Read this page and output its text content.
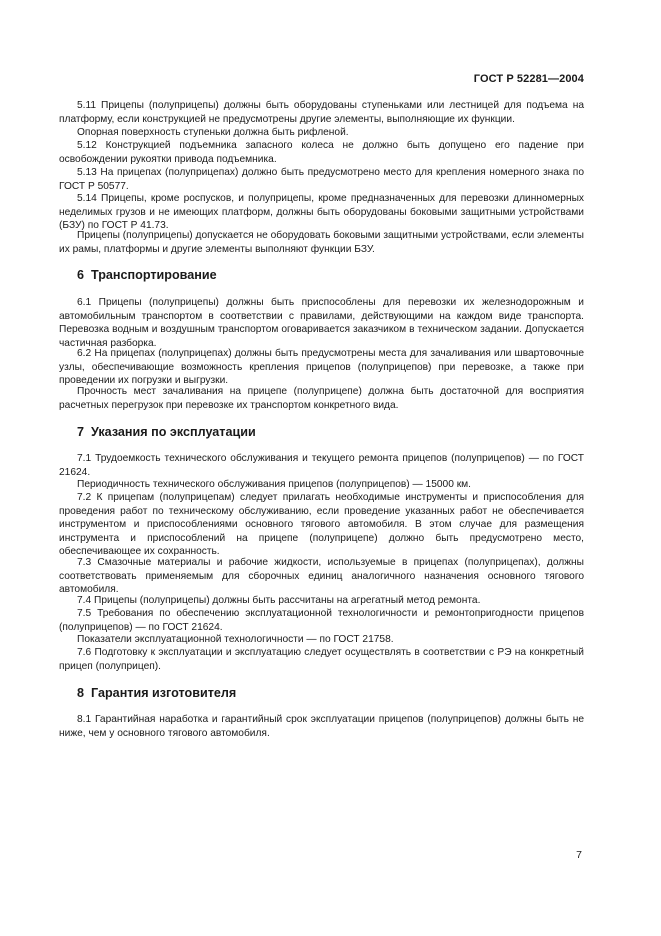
ГОСТ Р 52281—2004

5.11 Прицепы (полуприцепы) должны быть оборудованы ступеньками или лестницей для подъема на платформу, если конструкцией не предусмотрены другие элементы, выполняющие их функции.

Опорная поверхность ступеньки должна быть рифленой.

5.12 Конструкцией подъемника запасного колеса не должно быть допущено его падение при освобождении рукоятки привода подъемника.

5.13 На прицепах (полуприцепах) должно быть предусмотрено место для крепления номерного знака по ГОСТ Р 50577.

5.14 Прицепы, кроме роспусков, и полуприцепы, кроме предназначенных для перевозки длинномерных неделимых грузов и не имеющих платформ, должны быть оборудованы боковыми защитными устройствами (БЗУ) по ГОСТ Р 41.73.

Прицепы (полуприцепы) допускается не оборудовать боковыми защитными устройствами, если элементы их рамы, платформы и другие элементы выполняют функции БЗУ.

6 Транспортирование

6.1 Прицепы (полуприцепы) должны быть приспособлены для перевозки их железнодорожным и автомобильным транспортом в соответствии с правилами, действующими на каждом виде транспорта. Перевозка водным и воздушным транспортом оговаривается заказчиком в техническом задании. Допускается частичная разборка.

6.2 На прицепах (полуприцепах) должны быть предусмотрены места для зачаливания или швартовочные узлы, обеспечивающие возможность крепления прицепов (полуприцепов) при перевозке, а также при проведении их погрузки и выгрузки.

Прочность мест зачаливания на прицепе (полуприцепе) должна быть достаточной для восприятия расчетных перегрузок при перевозке их транспортом конкретного вида.

7 Указания по эксплуатации

7.1 Трудоемкость технического обслуживания и текущего ремонта прицепов (полуприцепов) — по ГОСТ 21624.

Периодичность технического обслуживания прицепов (полуприцепов) — 15000 км.

7.2 К прицепам (полуприцепам) следует прилагать необходимые инструменты и приспособления для проведения работ по техническому обслуживанию, если проведение указанных работ не обеспечивается инструментом и приспособлениями основного тягового автомобиля. В этом случае для размещения инструмента и приспособлений на прицепе (полуприцепе) должно быть предусмотрено место, обеспечивающее их сохранность.

7.3 Смазочные материалы и рабочие жидкости, используемые в прицепах (полуприцепах), должны соответствовать применяемым для сборочных единиц аналогичного назначения основного тягового автомобиля.

7.4 Прицепы (полуприцепы) должны быть рассчитаны на агрегатный метод ремонта.

7.5 Требования по обеспечению эксплуатационной технологичности и ремонтопригодности прицепов (полуприцепов) — по ГОСТ 21624.

Показатели эксплуатационной технологичности — по ГОСТ 21758.

7.6 Подготовку к эксплуатации и эксплуатацию следует осуществлять в соответствии с РЭ на конкретный прицеп (полуприцеп).

8 Гарантия изготовителя

8.1 Гарантийная наработка и гарантийный срок эксплуатации прицепов (полуприцепов) должны быть не ниже, чем у основного тягового автомобиля.

7
